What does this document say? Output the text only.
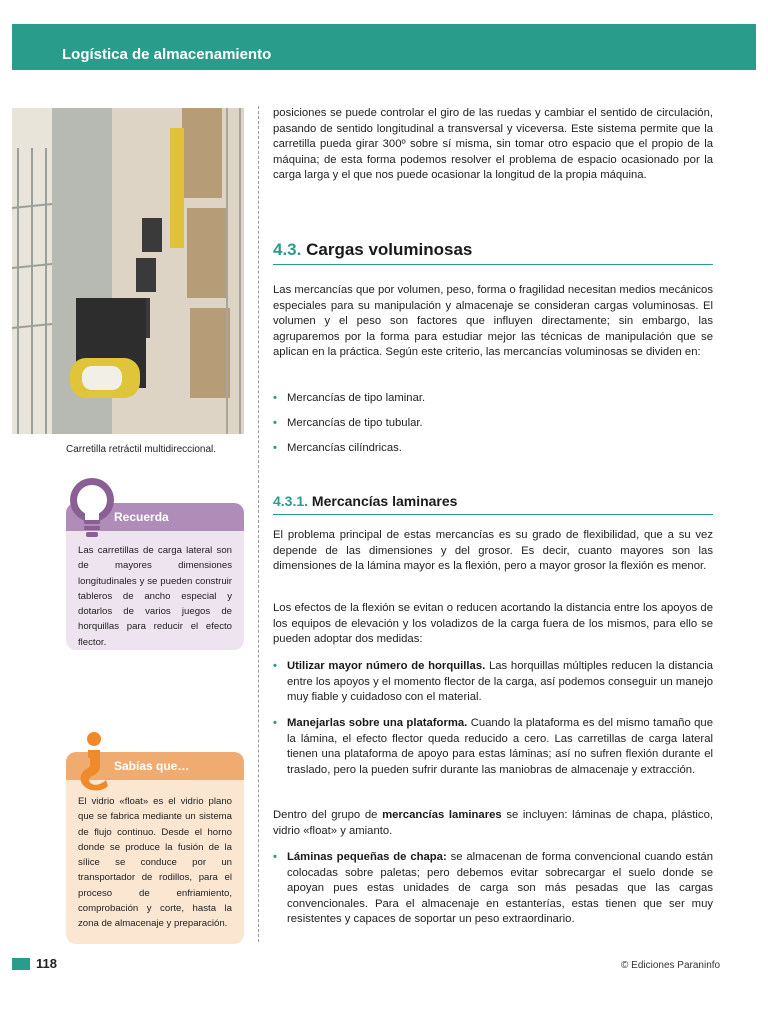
Logística de almacenamiento
Carretilla retráctil multidireccional.
Recuerda
Las carretillas de carga lateral son de mayores dimensiones longitudinales y se pueden construir tableros de ancho especial y dotarlos de varios juegos de horquillas para reducir el efecto flector.
Sabías que…
El vidrio «float» es el vidrio plano que se fabrica mediante un sistema de flujo continuo. Desde el horno donde se produce la fusión de la sílice se conduce por un transportador de rodillos, para el proceso de enfriamiento, comprobación y corte, hasta la zona de almacenaje y preparación.

posiciones se puede controlar el giro de las ruedas y cambiar el sentido de circulación, pasando de sentido longitudinal a transversal y viceversa. Este sistema permite que la carretilla pueda girar 300º sobre sí misma, sin tomar otro espacio que el propio de la máquina; de esta forma podemos resolver el problema de espacio ocasionado por la carga larga y el que nos puede ocasionar la longitud de la propia máquina.

4.3. Cargas voluminosas

Las mercancías que por volumen, peso, forma o fragilidad necesitan medios mecánicos especiales para su manipulación y almacenaje se consideran cargas voluminosas. El volumen y el peso son factores que influyen directamente; sin embargo, las agruparemos por la forma para estudiar mejor las técnicas de manipulación que se aplican en la práctica. Según este criterio, las mercancías voluminosas se dividen en:

• Mercancías de tipo laminar.
• Mercancías de tipo tubular.
• Mercancías cilíndricas.
4.3.1. Mercancías laminares

El problema principal de estas mercancías es su grado de flexibilidad, que a su vez depende de las dimensiones y del grosor. Es decir, cuanto mayores son las dimensiones de la lámina mayor es la flexión, pero a mayor grosor la flexión es menor.

Los efectos de la flexión se evitan o reducen acortando la distancia entre los apoyos de los equipos de elevación y los voladizos de la carga fuera de los mismos, para ello se pueden adoptar dos medidas:

• Utilizar mayor número de horquillas. Las horquillas múltiples reducen la distancia entre los apoyos y el momento flector de la carga, así podemos conseguir un manejo muy fiable y cuidadoso con el material.
• Manejarlas sobre una plataforma. Cuando la plataforma es del mismo tamaño que la lámina, el efecto flector queda reducido a cero. Las carretillas de carga lateral tienen una plataforma de apoyo para estas láminas; así no sufren flexión durante el traslado, pero la pueden sufrir durante las maniobras de almacenaje y extracción.

Dentro del grupo de mercancías laminares se incluyen: láminas de chapa, plástico, vidrio «float» y amianto.

• Láminas pequeñas de chapa: se almacenan de forma convencional cuando están colocadas sobre paletas; pero debemos evitar sobrecargar el suelo donde se apoyan pues estas unidades de carga son más pesadas que las cargas convencionales. Para el almacenaje en estanterías, estas tienen que ser muy resistentes y capaces de soportar un peso extraordinario.
118	© Ediciones Paraninfo
